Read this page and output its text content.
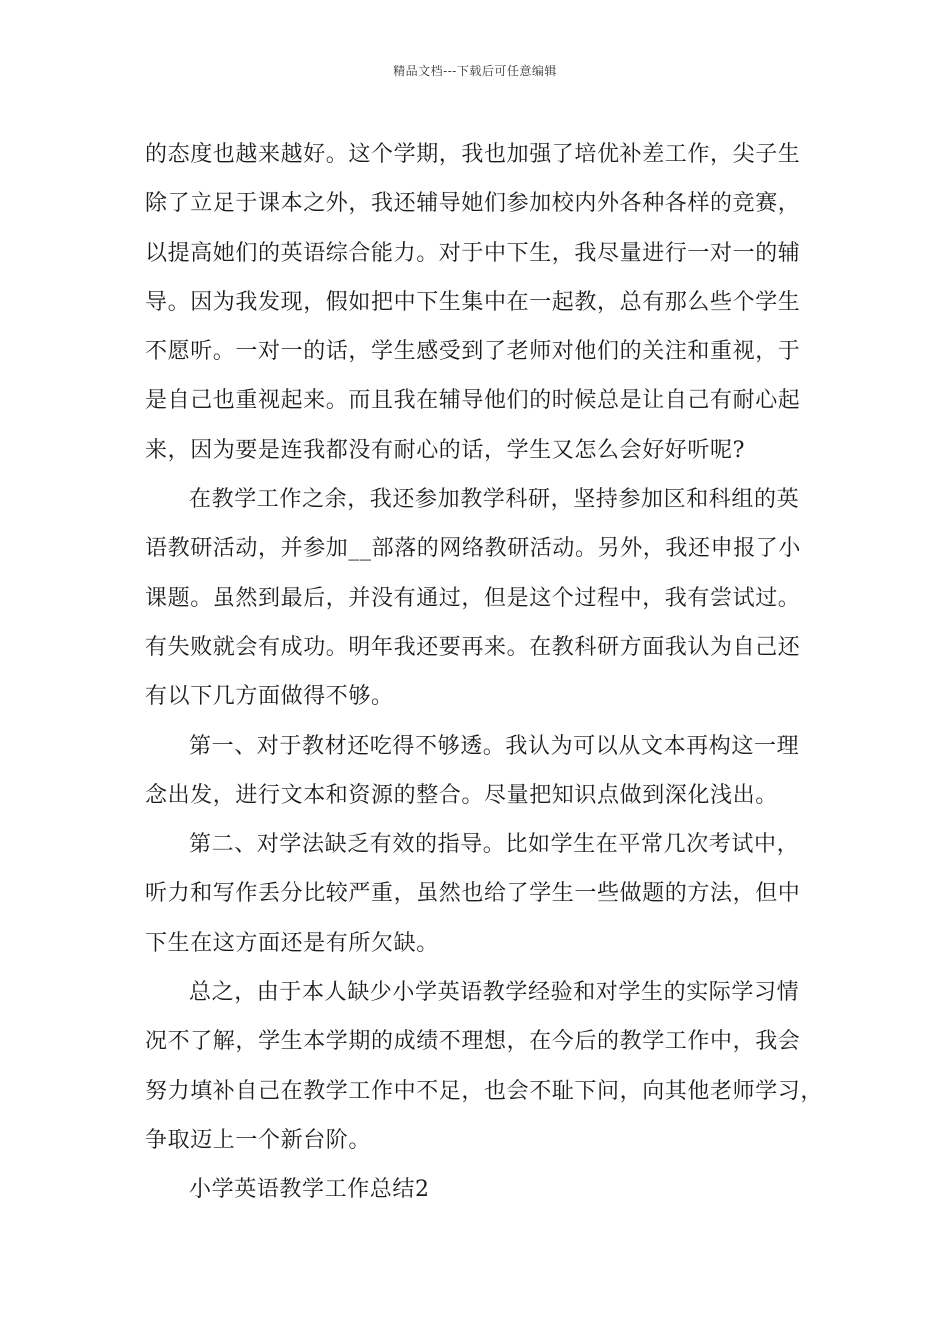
精品文档---下载后可任意编辑
的态度也越来越好。这个学期，我也加强了培优补差工作，尖子生
除了立足于课本之外，我还辅导她们参加校内外各种各样的竞赛，
以提高她们的英语综合能力。对于中下生，我尽量进行一对一的辅
导。因为我发现，假如把中下生集中在一起教，总有那么些个学生
不愿听。一对一的话，学生感受到了老师对他们的关注和重视，于
是自己也重视起来。而且我在辅导他们的时候总是让自己有耐心起
来，因为要是连我都没有耐心的话，学生又怎么会好好听呢?
在教学工作之余，我还参加教学科研，坚持参加区和科组的英
语教研活动，并参加__部落的网络教研活动。另外，我还申报了小
课题。虽然到最后，并没有通过，但是这个过程中，我有尝试过。
有失败就会有成功。明年我还要再来。在教科研方面我认为自己还
有以下几方面做得不够。
第一、对于教材还吃得不够透。我认为可以从文本再构这一理
念出发，进行文本和资源的整合。尽量把知识点做到深化浅出。
第二、对学法缺乏有效的指导。比如学生在平常几次考试中，
听力和写作丢分比较严重，虽然也给了学生一些做题的方法，但中
下生在这方面还是有所欠缺。
总之，由于本人缺少小学英语教学经验和对学生的实际学习情
况不了解，学生本学期的成绩不理想，在今后的教学工作中，我会
努力填补自己在教学工作中不足，也会不耻下问，向其他老师学习，
争取迈上一个新台阶。
小学英语教学工作总结2
